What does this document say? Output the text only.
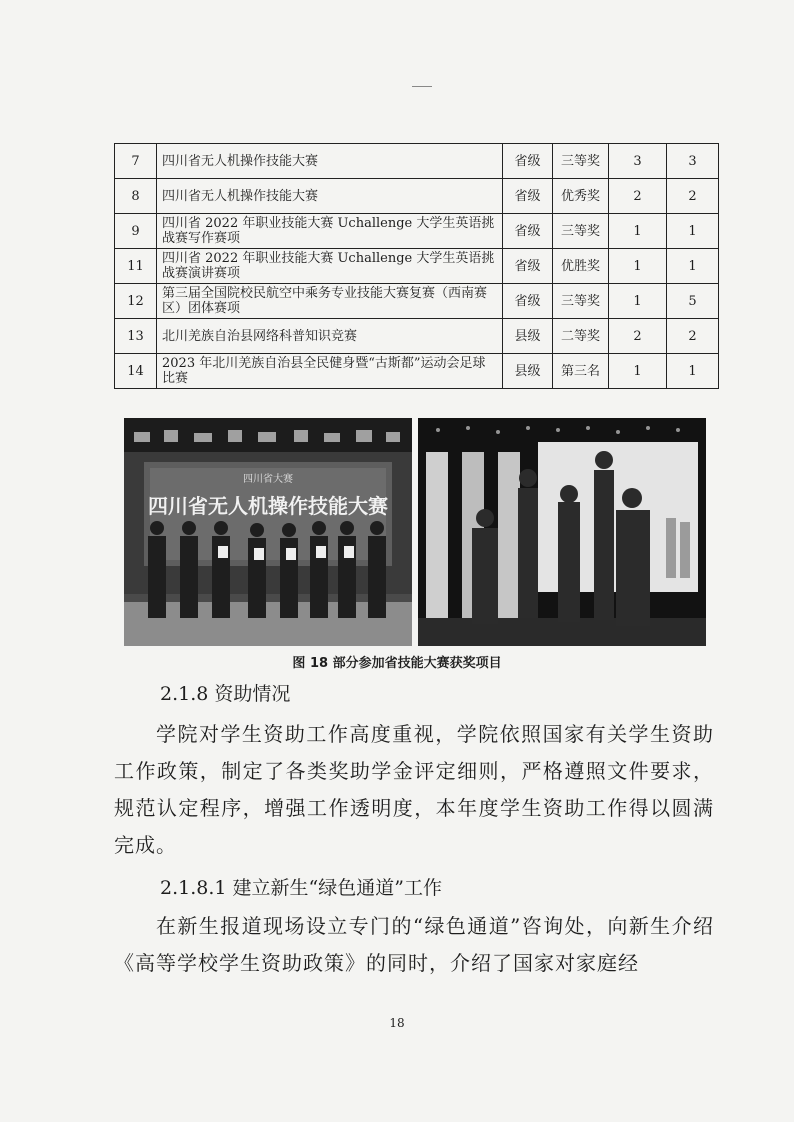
7	四川省无人机操作技能大赛	省级	三等奖	3	3
8	四川省无人机操作技能大赛	省级	优秀奖	2	2
9	四川省 2022 年职业技能大赛 Uchallenge 大学生英语挑战赛写作赛项	省级	三等奖	1	1
11	四川省 2022 年职业技能大赛 Uchallenge 大学生英语挑战赛演讲赛项	省级	优胜奖	1	1
12	第三届全国院校民航空中乘务专业技能大赛复赛（西南赛区）团体赛项	省级	三等奖	1	5
13	北川羌族自治县网络科普知识竞赛	县级	二等奖	2	2
14	2023 年北川羌族自治县全民健身暨“古斯都”运动会足球比赛	县级	第三名	1	1
四川省大赛
四川省无人机操作技能大赛
图 18 部分参加省技能大赛获奖项目
2.1.8 资助情况
学院对学生资助工作高度重视，学院依照国家有关学生资助工作政策，制定了各类奖助学金评定细则，严格遵照文件要求，规范认定程序，增强工作透明度，本年度学生资助工作得以圆满完成。
2.1.8.1 建立新生“绿色通道”工作
在新生报道现场设立专门的“绿色通道”咨询处，向新生介绍《高等学校学生资助政策》的同时，介绍了国家对家庭经
18
